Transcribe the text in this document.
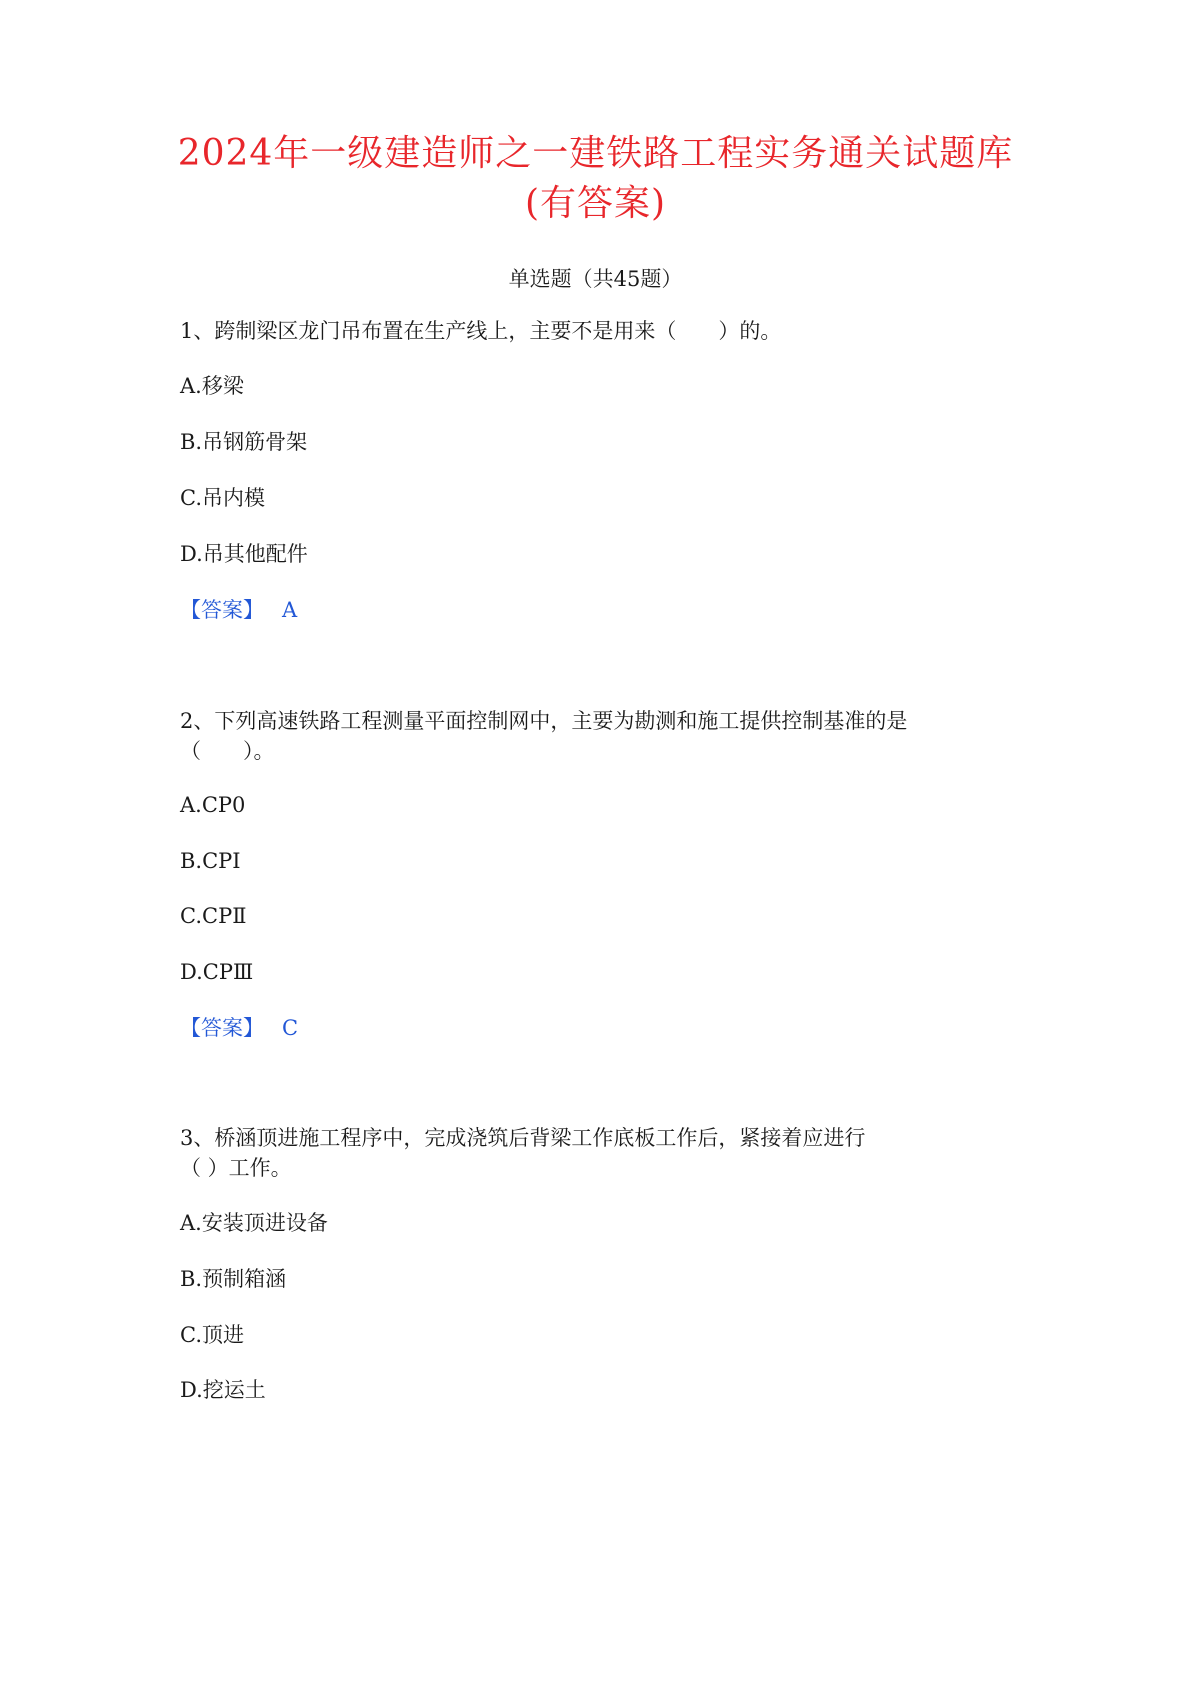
2024年一级建造师之一建铁路工程实务通关试题库
(有答案)
单选题（共45题）
1、跨制梁区龙门吊布置在生产线上，主要不是用来（　　）的。
A.移梁
B.吊钢筋骨架
C.吊内模
D.吊其他配件
【答案】 A
2、下列高速铁路工程测量平面控制网中，主要为勘测和施工提供控制基准的是
（　　）。
A.CP0
B.CPⅠ
C.CPⅡ
D.CPⅢ
【答案】 C
3、桥涵顶进施工程序中，完成浇筑后背梁工作底板工作后，紧接着应进行
（ ）工作。
A.安装顶进设备
B.预制箱涵
C.顶进
D.挖运土
